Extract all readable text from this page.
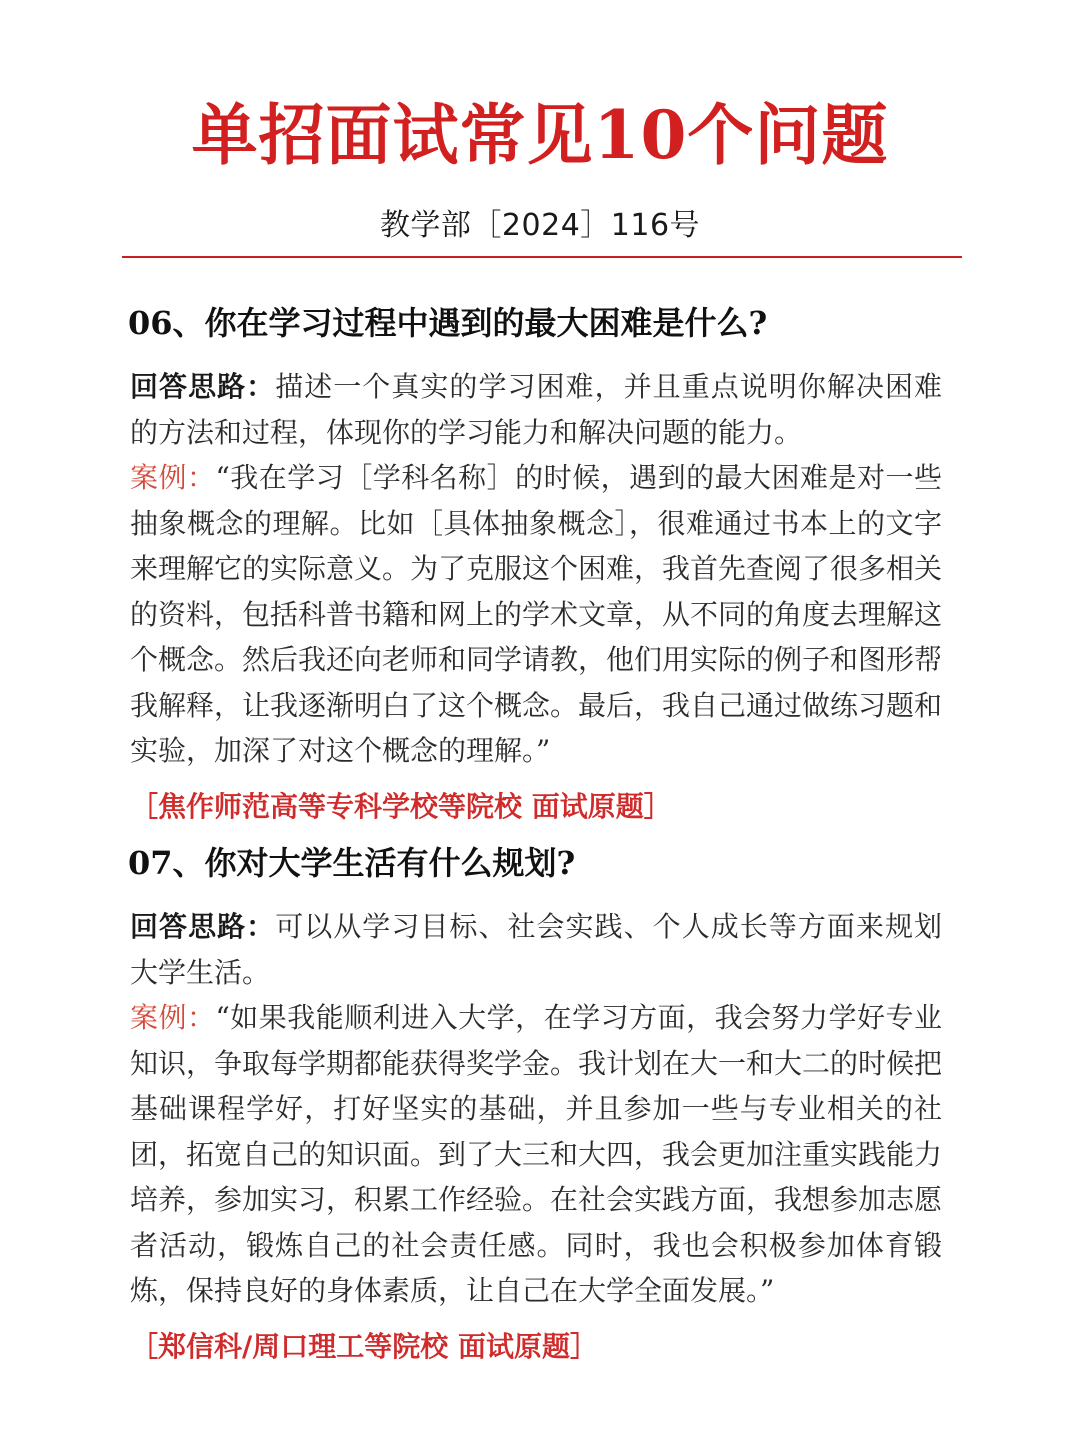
单招面试常见10个问题
教学部［2024］116号
06、你在学习过程中遇到的最大困难是什么?

回答思路：描述一个真实的学习困难，并且重点说明你解决困难的方法和过程，体现你的学习能力和解决问题的能力。

案例：“我在学习［学科名称］的时候，遇到的最大困难是对一些抽象概念的理解。比如［具体抽象概念］，很难通过书本上的文字来理解它的实际意义。为了克服这个困难，我首先查阅了很多相关的资料，包括科普书籍和网上的学术文章，从不同的角度去理解这个概念。然后我还向老师和同学请教，他们用实际的例子和图形帮我解释，让我逐渐明白了这个概念。最后，我自己通过做练习题和实验，加深了对这个概念的理解。”

［焦作师范高等专科学校等院校 面试原题］
07、你对大学生活有什么规划?

回答思路：可以从学习目标、社会实践、个人成长等方面来规划大学生活。

案例：“如果我能顺利进入大学，在学习方面，我会努力学好专业知识，争取每学期都能获得奖学金。我计划在大一和大二的时候把基础课程学好，打好坚实的基础，并且参加一些与专业相关的社团，拓宽自己的知识面。到了大三和大四，我会更加注重实践能力培养，参加实习，积累工作经验。在社会实践方面，我想参加志愿者活动，锻炼自己的社会责任感。同时，我也会积极参加体育锻炼，保持良好的身体素质，让自己在大学全面发展。”

［郑信科/周口理工等院校 面试原题］
